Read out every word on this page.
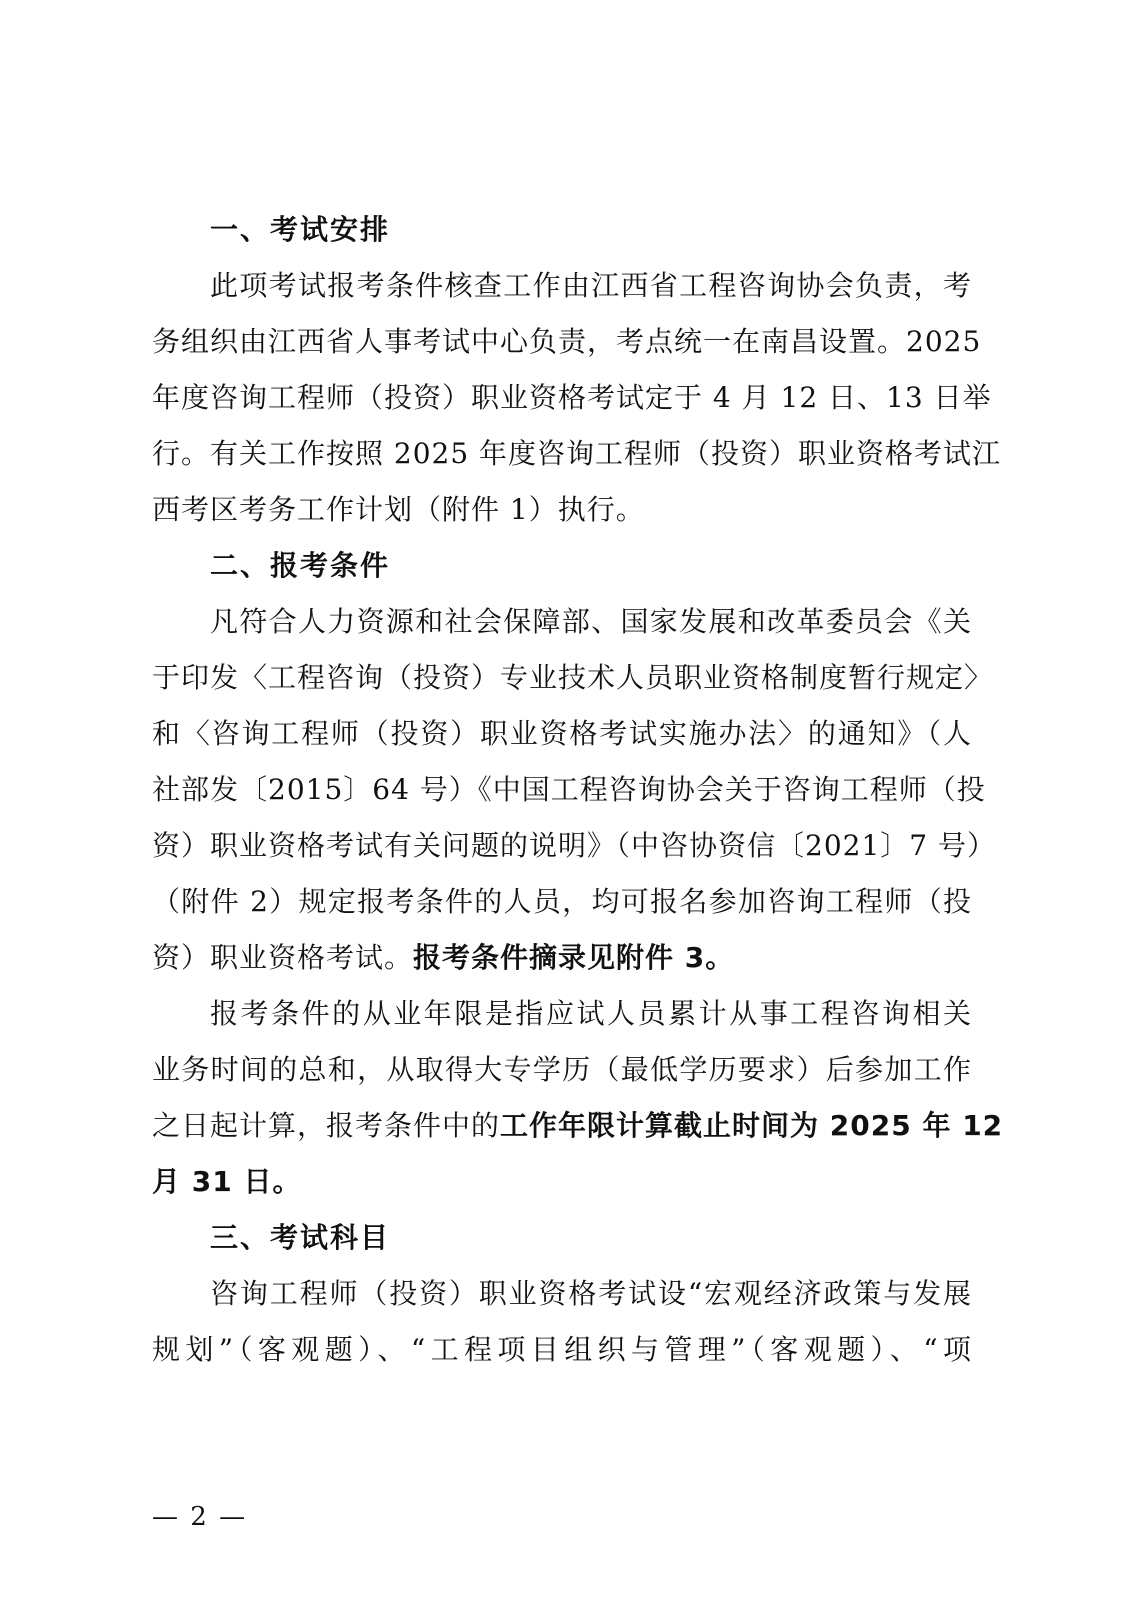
一、考试安排
此项考试报考条件核查工作由江西省工程咨询协会负责，考
务组织由江西省人事考试中心负责，考点统一在南昌设置。2025
年度咨询工程师（投资）职业资格考试定于 4 月 12 日、13 日举
行。有关工作按照 2025 年度咨询工程师（投资）职业资格考试江
西考区考务工作计划（附件 1）执行。
二、报考条件
凡符合人力资源和社会保障部、国家发展和改革委员会《关
于印发〈工程咨询（投资）专业技术人员职业资格制度暂行规定〉
和〈咨询工程师（投资）职业资格考试实施办法〉的通知》（人
社部发〔2015〕64 号）《中国工程咨询协会关于咨询工程师（投
资）职业资格考试有关问题的说明》（中咨协资信〔2021〕7 号）
（附件 2）规定报考条件的人员，均可报名参加咨询工程师（投
资）职业资格考试。报考条件摘录见附件 3。
报考条件的从业年限是指应试人员累计从事工程咨询相关
业务时间的总和，从取得大专学历（最低学历要求）后参加工作
之日起计算，报考条件中的工作年限计算截止时间为 2025 年 12
月 31 日。
三、考试科目
咨询工程师（投资）职业资格考试设“宏观经济政策与发展
规划”（客观题）、“工程项目组织与管理”（客观题）、“项
— 2 —
